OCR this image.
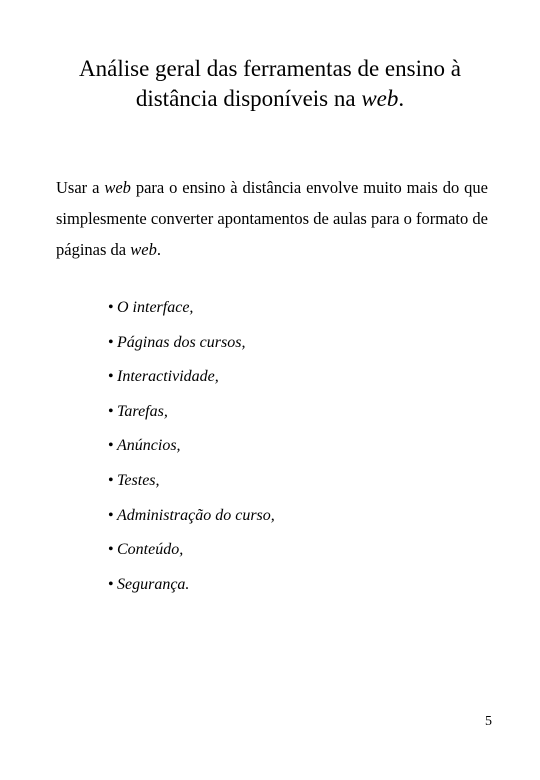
Análise geral das ferramentas de ensino à
distância disponíveis na web.

Usar a web para o ensino à distância envolve muito mais do que simplesmente converter apontamentos de aulas para o formato de páginas da web.

• O interface,
• Páginas dos cursos,
• Interactividade,
• Tarefas,
• Anúncios,
• Testes,
• Administração do curso,
• Conteúdo,
• Segurança.
5
